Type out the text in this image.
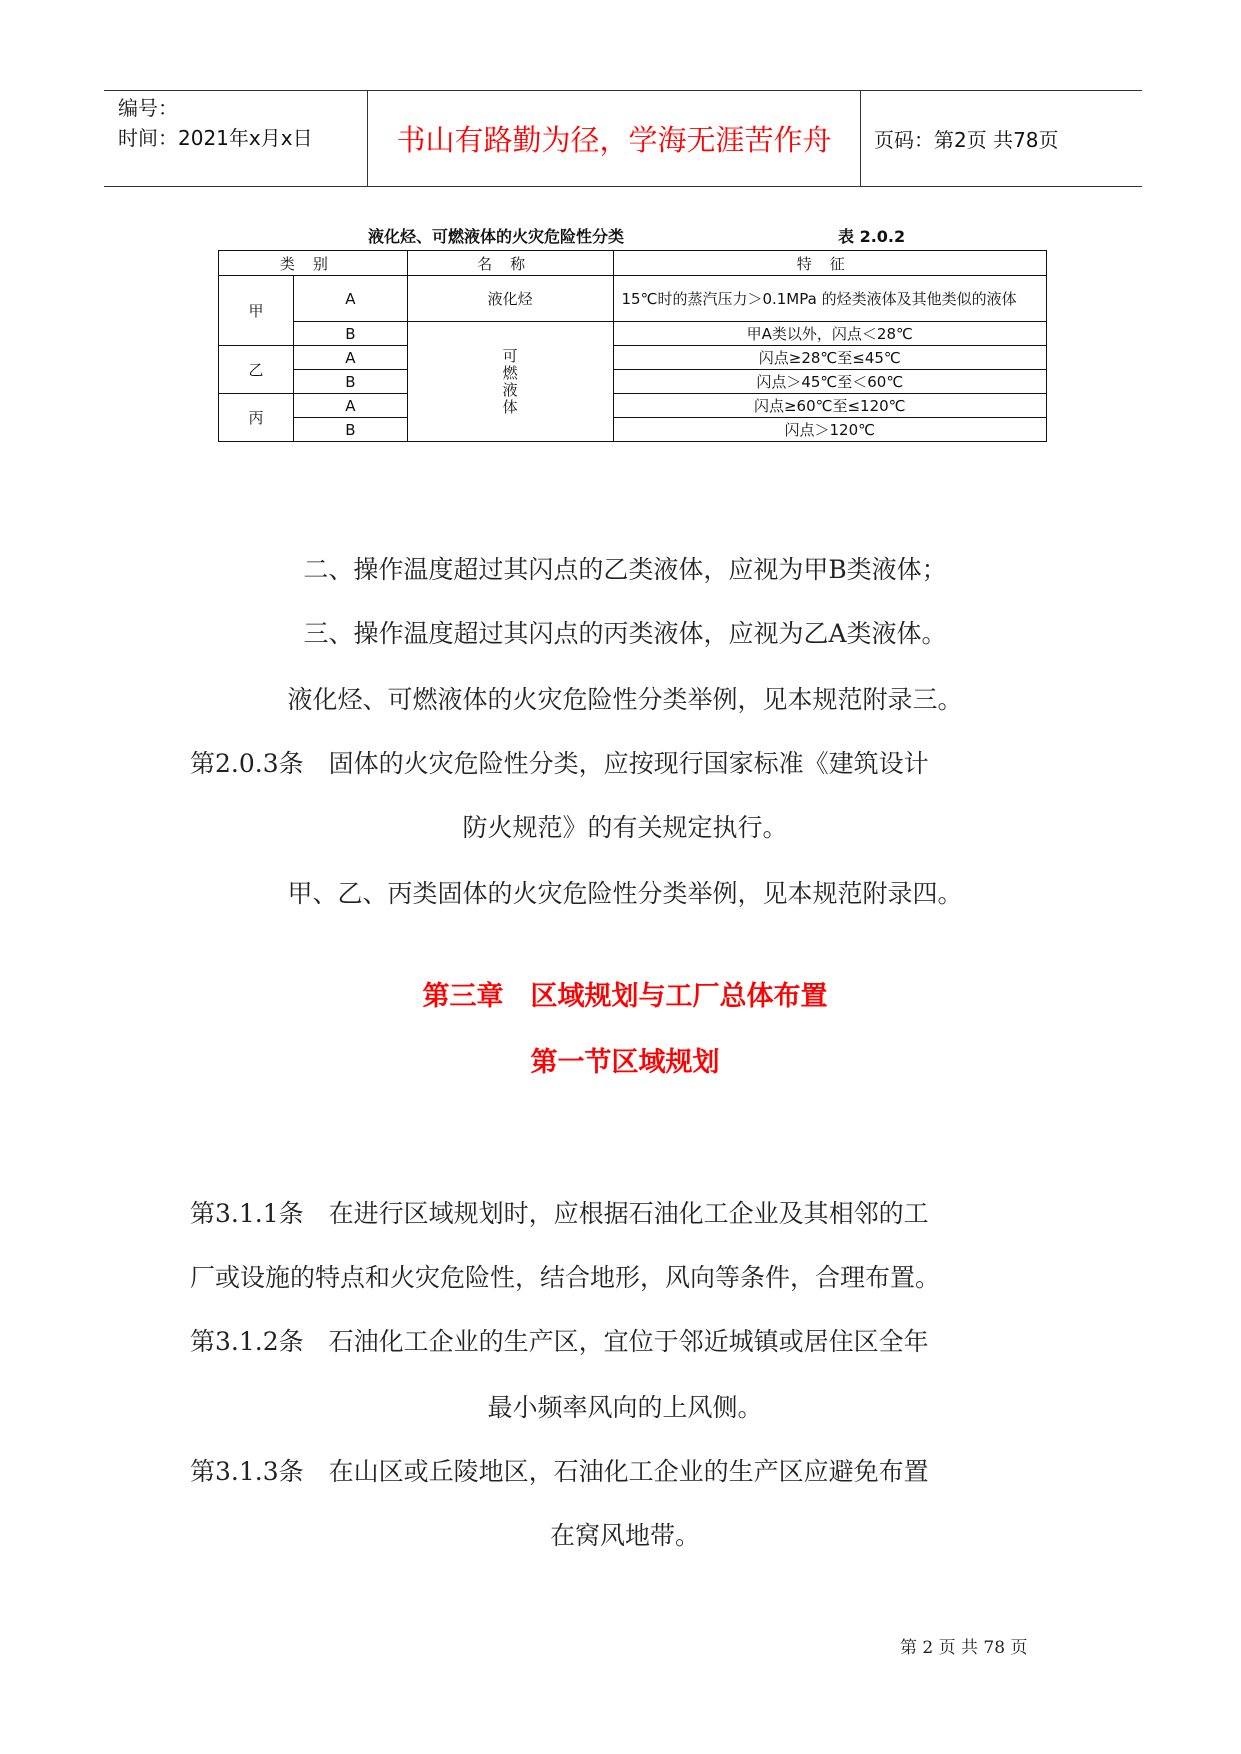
编号：
时间：2021年x月x日	书山有路勤为径，学海无涯苦作舟	页码：第2页 共78页
液化烃、可燃液体的火灾危险性分类	表 2.0.2
类别		名称	特征
甲	A	液化烃	15℃时的蒸汽压力＞0.1MPa 的烃类液体及其他类似的液体
	B	可燃液体	甲A类以外，闪点＜28℃
乙	A		闪点≥28℃至≤45℃
	B		闪点＞45℃至＜60℃
丙	A		闪点≥60℃至≤120℃
	B		闪点＞120℃
二、操作温度超过其闪点的乙类液体，应视为甲B类液体；
三、操作温度超过其闪点的丙类液体，应视为乙A类液体。
液化烃、可燃液体的火灾危险性分类举例，见本规范附录三。
第2.0.3条　固体的火灾危险性分类，应按现行国家标准《建筑设计
防火规范》的有关规定执行。
甲、乙、丙类固体的火灾危险性分类举例，见本规范附录四。
第三章　区域规划与工厂总体布置
第一节区域规划
第3.1.1条　在进行区域规划时，应根据石油化工企业及其相邻的工
厂或设施的特点和火灾危险性，结合地形，风向等条件，合理布置。
第3.1.2条　石油化工企业的生产区，宜位于邻近城镇或居住区全年
最小频率风向的上风侧。
第3.1.3条　在山区或丘陵地区，石油化工企业的生产区应避免布置
在窝风地带。
第 2 页 共 78 页
